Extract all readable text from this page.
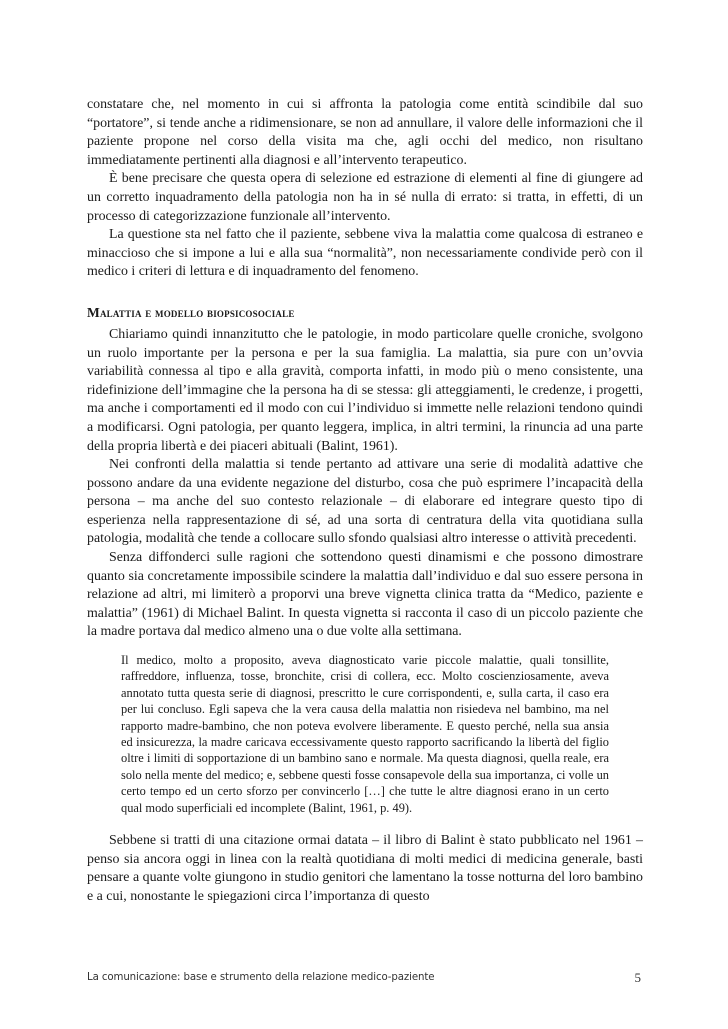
constatare che, nel momento in cui si affronta la patologia come entità scindibile dal suo “portatore”, si tende anche a ridimensionare, se non ad annullare, il valore delle informazioni che il paziente propone nel corso della visita ma che, agli occhi del medico, non risultano immediatamente pertinenti alla diagnosi e all’intervento terapeutico.

È bene precisare che questa opera di selezione ed estrazione di elementi al fine di giungere ad un corretto inquadramento della patologia non ha in sé nulla di errato: si tratta, in effetti, di un processo di categorizzazione funzionale all’intervento.

La questione sta nel fatto che il paziente, sebbene viva la malattia come qualcosa di estraneo e minaccioso che si impone a lui e alla sua “normalità”, non necessariamente condivide però con il medico i criteri di lettura e di inquadramento del fenomeno.

Malattia e modello biopsicosociale

Chiariamo quindi innanzitutto che le patologie, in modo particolare quelle croniche, svolgono un ruolo importante per la persona e per la sua famiglia. La malattia, sia pure con un’ovvia variabilità connessa al tipo e alla gravità, comporta infatti, in modo più o meno consistente, una ridefinizione dell’immagine che la persona ha di se stessa: gli atteggiamenti, le credenze, i progetti, ma anche i comportamenti ed il modo con cui l’individuo si immette nelle relazioni tendono quindi a modificarsi. Ogni patologia, per quanto leggera, implica, in altri termini, la rinuncia ad una parte della propria libertà e dei piaceri abituali (Balint, 1961).

Nei confronti della malattia si tende pertanto ad attivare una serie di modalità adattive che possono andare da una evidente negazione del disturbo, cosa che può esprimere l’incapacità della persona – ma anche del suo contesto relazionale – di elaborare ed integrare questo tipo di esperienza nella rappresentazione di sé, ad una sorta di centratura della vita quotidiana sulla patologia, modalità che tende a collocare sullo sfondo qualsiasi altro interesse o attività precedenti.

Senza diffonderci sulle ragioni che sottendono questi dinamismi e che possono dimostrare quanto sia concretamente impossibile scindere la malattia dall’individuo e dal suo essere persona in relazione ad altri, mi limiterò a proporvi una breve vignetta clinica tratta da “Medico, paziente e malattia” (1961) di Michael Balint. In questa vignetta si racconta il caso di un piccolo paziente che la madre portava dal medico almeno una o due volte alla settimana.

Il medico, molto a proposito, aveva diagnosticato varie piccole malattie, quali tonsillite, raffreddore, influenza, tosse, bronchite, crisi di collera, ecc. Molto coscienziosamente, aveva annotato tutta questa serie di diagnosi, prescritto le cure corrispondenti, e, sulla carta, il caso era per lui concluso. Egli sapeva che la vera causa della malattia non risiedeva nel bambino, ma nel rapporto madre-bambino, che non poteva evolvere liberamente. E questo perché, nella sua ansia ed insicurezza, la madre caricava eccessivamente questo rapporto sacrificando la libertà del figlio oltre i limiti di sopportazione di un bambino sano e normale. Ma questa diagnosi, quella reale, era solo nella mente del medico; e, sebbene questi fosse consapevole della sua importanza, ci volle un certo tempo ed un certo sforzo per convincerlo […] che tutte le altre diagnosi erano in un certo qual modo superficiali ed incomplete (Balint, 1961, p. 49).

Sebbene si tratti di una citazione ormai datata – il libro di Balint è stato pubblicato nel 1961 – penso sia ancora oggi in linea con la realtà quotidiana di molti medici di medicina generale, basti pensare a quante volte giungono in studio genitori che lamentano la tosse notturna del loro bambino e a cui, nonostante le spiegazioni circa l’importanza di questo

La comunicazione: base e strumento della relazione medico-paziente	5
